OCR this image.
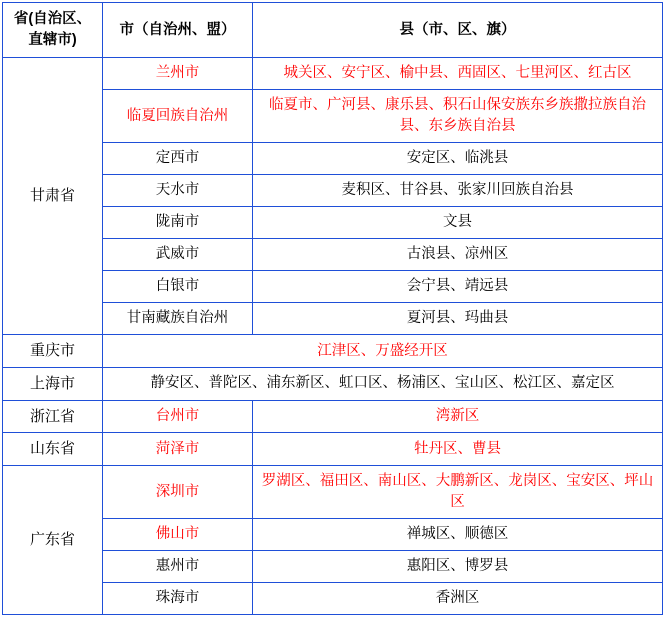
省(自治区、直辖市)	市（自治州、盟）	县（市、区、旗）
甘肃省	兰州市	城关区、安宁区、榆中县、西固区、七里河区、红古区
	临夏回族自治州	临夏市、广河县、康乐县、积石山保安族东乡族撒拉族自治县、东乡族自治县
	定西市	安定区、临洮县
	天水市	麦积区、甘谷县、张家川回族自治县
	陇南市	文县
	武威市	古浪县、凉州区
	白银市	会宁县、靖远县
	甘南藏族自治州	夏河县、玛曲县
重庆市	江津区、万盛经开区	
上海市	静安区、普陀区、浦东新区、虹口区、杨浦区、宝山区、松江区、嘉定区	
浙江省	台州市	湾新区
山东省	菏泽市	牡丹区、曹县
广东省	深圳市	罗湖区、福田区、南山区、大鹏新区、龙岗区、宝安区、坪山区
	佛山市	禅城区、顺德区
	惠州市	惠阳区、博罗县
	珠海市	香洲区
